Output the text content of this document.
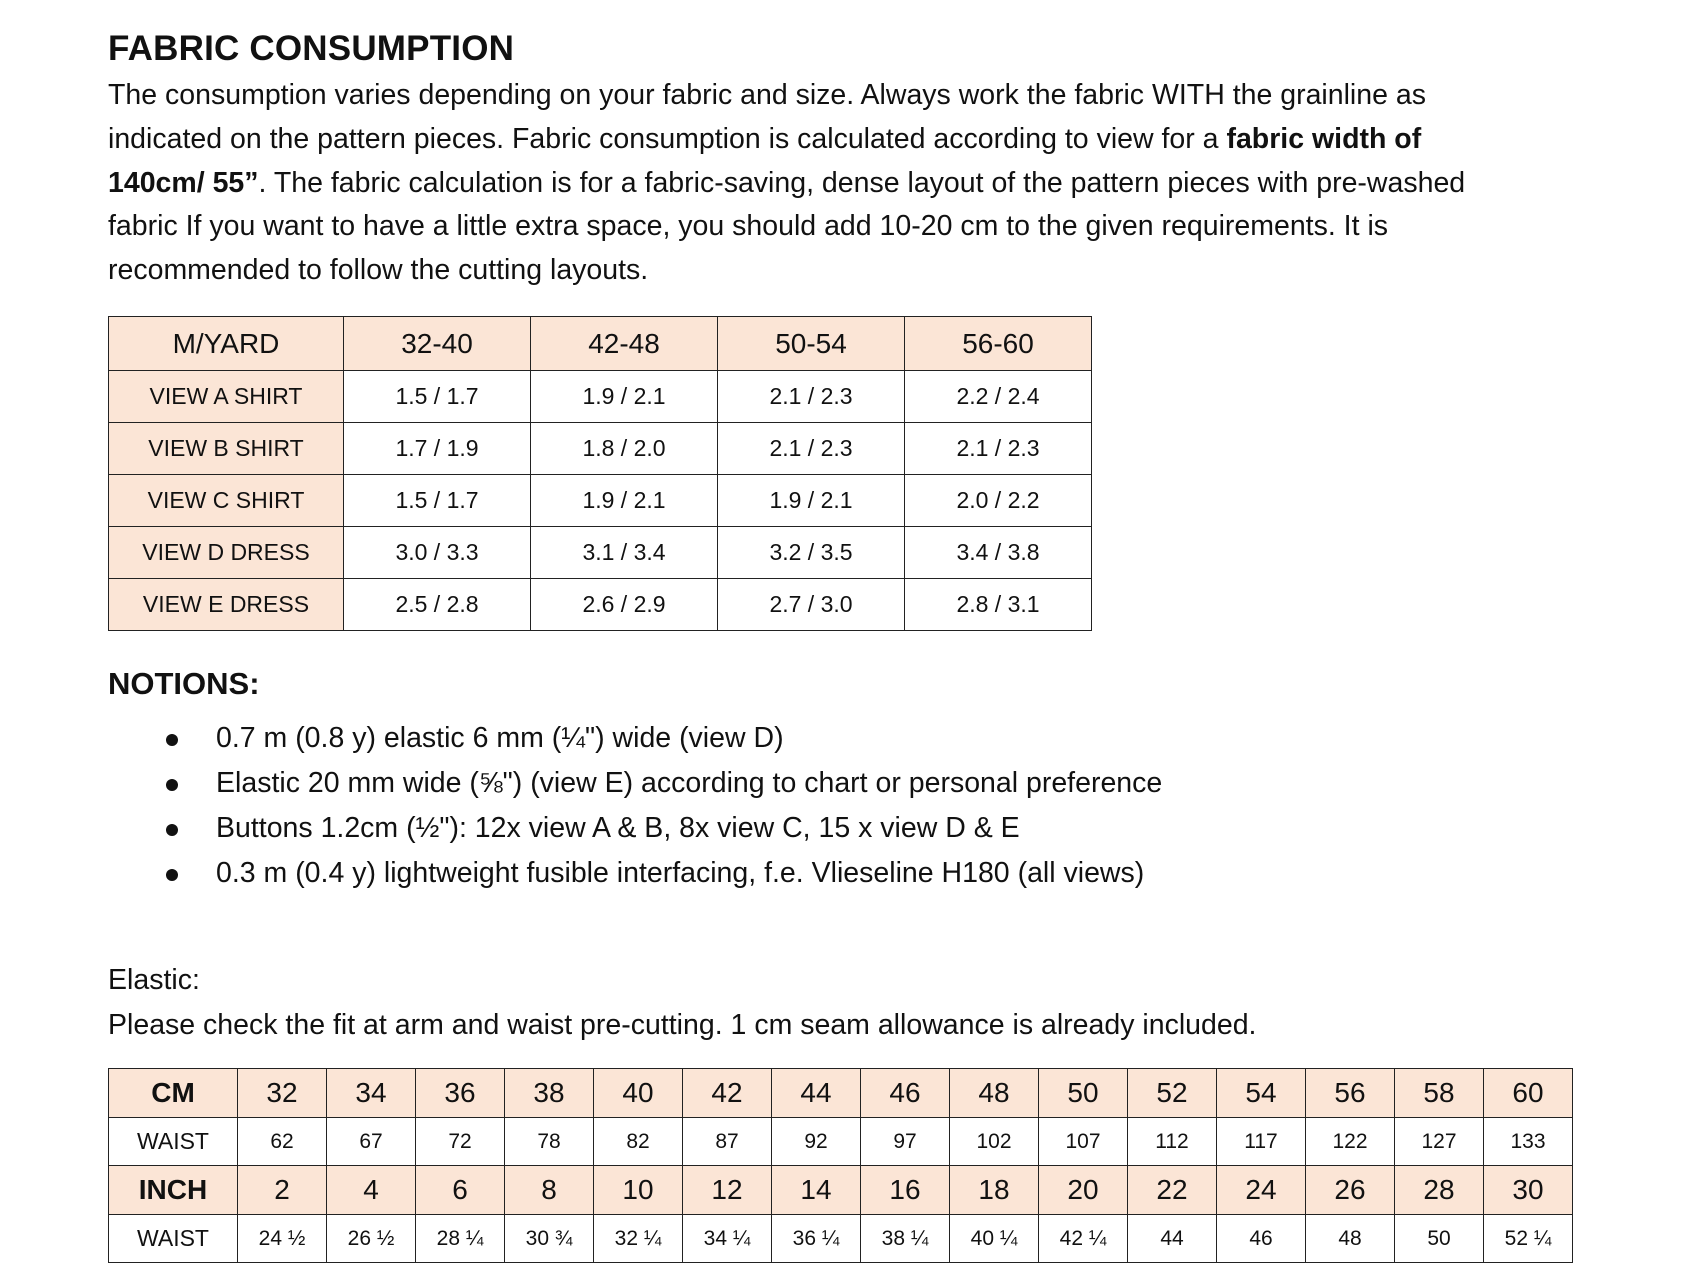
FABRIC CONSUMPTION

The consumption varies depending on your fabric and size. Always work the fabric WITH the grainline as indicated on the pattern pieces. Fabric consumption is calculated according to view for a fabric width of 140cm/ 55”. The fabric calculation is for a fabric-saving, dense layout of the pattern pieces with pre-washed fabric If you want to have a little extra space, you should add 10-20 cm to the given requirements. It is recommended to follow the cutting layouts.

M/YARD	32-40	42-48	50-54	56-60
VIEW A SHIRT	1.5 / 1.7	1.9 / 2.1	2.1 / 2.3	2.2 / 2.4
VIEW B SHIRT	1.7 / 1.9	1.8 / 2.0	2.1 / 2.3	2.1 / 2.3
VIEW C SHIRT	1.5 / 1.7	1.9 / 2.1	1.9 / 2.1	2.0 / 2.2
VIEW D DRESS	3.0 / 3.3	3.1 / 3.4	3.2 / 3.5	3.4 / 3.8
VIEW E DRESS	2.5 / 2.8	2.6 / 2.9	2.7 / 3.0	2.8 / 3.1
NOTIONS:
0.7 m (0.8 y) elastic 6 mm (¼") wide (view D)
Elastic 20 mm wide (⅝") (view E) according to chart or personal preference
Buttons 1.2cm (½"): 12x view A & B, 8x view C, 15 x view D & E
0.3 m (0.4 y) lightweight fusible interfacing, f.e. Vlieseline H180 (all views)

Elastic:

Please check the fit at arm and waist pre-cutting. 1 cm seam allowance is already included.

CM	32	34	36	38	40	42	44	46	48	50	52	54	56	58	60
WAIST	62	67	72	78	82	87	92	97	102	107	112	117	122	127	133
INCH	2	4	6	8	10	12	14	16	18	20	22	24	26	28	30
WAIST	24 ½	26 ½	28 ¼	30 ¾	32 ¼	34 ¼	36 ¼	38 ¼	40 ¼	42 ¼	44	46	48	50	52 ¼
